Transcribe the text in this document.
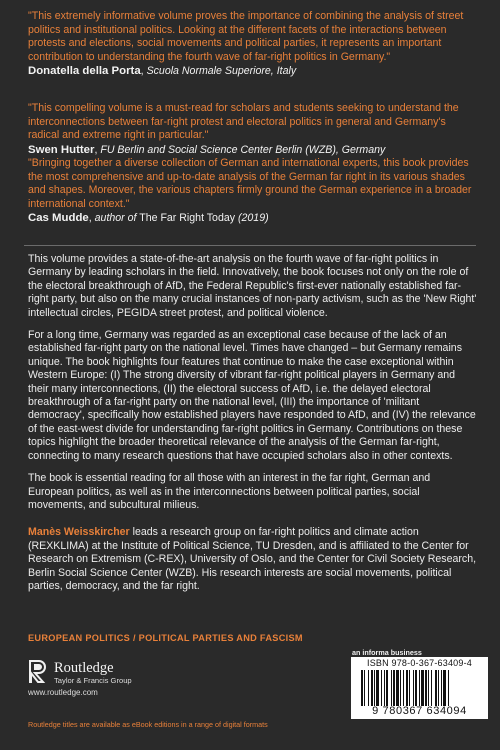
"This extremely informative volume proves the importance of combining the analysis of street politics and institutional politics. Looking at the different facets of the interactions between protests and elections, social movements and political parties, it represents an important contribution to understanding the fourth wave of far-right politics in Germany."

Donatella della Porta, Scuola Normale Superiore, Italy

"This compelling volume is a must-read for scholars and students seeking to understand the interconnections between far-right protest and electoral politics in general and Germany's radical and extreme right in particular."

Swen Hutter, FU Berlin and Social Science Center Berlin (WZB), Germany

"Bringing together a diverse collection of German and international experts, this book provides the most comprehensive and up-to-date analysis of the German far right in its various shades and shapes. Moreover, the various chapters firmly ground the German experience in a broader international context."

Cas Mudde, author of The Far Right Today (2019)

This volume provides a state-of-the-art analysis on the fourth wave of far-right politics in Germany by leading scholars in the field. Innovatively, the book focuses not only on the role of the electoral breakthrough of AfD, the Federal Republic's first-ever nationally established far-right party, but also on the many crucial instances of non-party activism, such as the 'New Right' intellectual circles, PEGIDA street protest, and political violence.

For a long time, Germany was regarded as an exceptional case because of the lack of an established far-right party on the national level. Times have changed – but Germany remains unique. The book highlights four features that continue to make the case exceptional within Western Europe: (I) The strong diversity of vibrant far-right political players in Germany and their many interconnections, (II) the electoral success of AfD, i.e. the delayed electoral breakthrough of a far-right party on the national level, (III) the importance of 'militant democracy', specifically how established players have responded to AfD, and (IV) the relevance of the east-west divide for understanding far-right politics in Germany. Contributions on these topics highlight the broader theoretical relevance of the analysis of the German far-right, connecting to many research questions that have occupied scholars also in other contexts.

The book is essential reading for all those with an interest in the far right, German and European politics, as well as in the interconnections between political parties, social movements, and subcultural milieus.

Manès Weisskircher leads a research group on far-right politics and climate action (REXKLIMA) at the Institute of Political Science, TU Dresden, and is affiliated to the Center for Research on Extremism (C-REX), University of Oslo, and the Center for Civil Society Research, Berlin Social Science Center (WZB). His research interests are social movements, political parties, democracy, and the far right.

EUROPEAN POLITICS / POLITICAL PARTIES AND FASCISM
Routledge
Taylor & Francis Group
www.routledge.com
Routledge titles are available as eBook editions in a range of digital formats
an informa business
ISBN 978-0-367-63409-4
9 780367 634094
